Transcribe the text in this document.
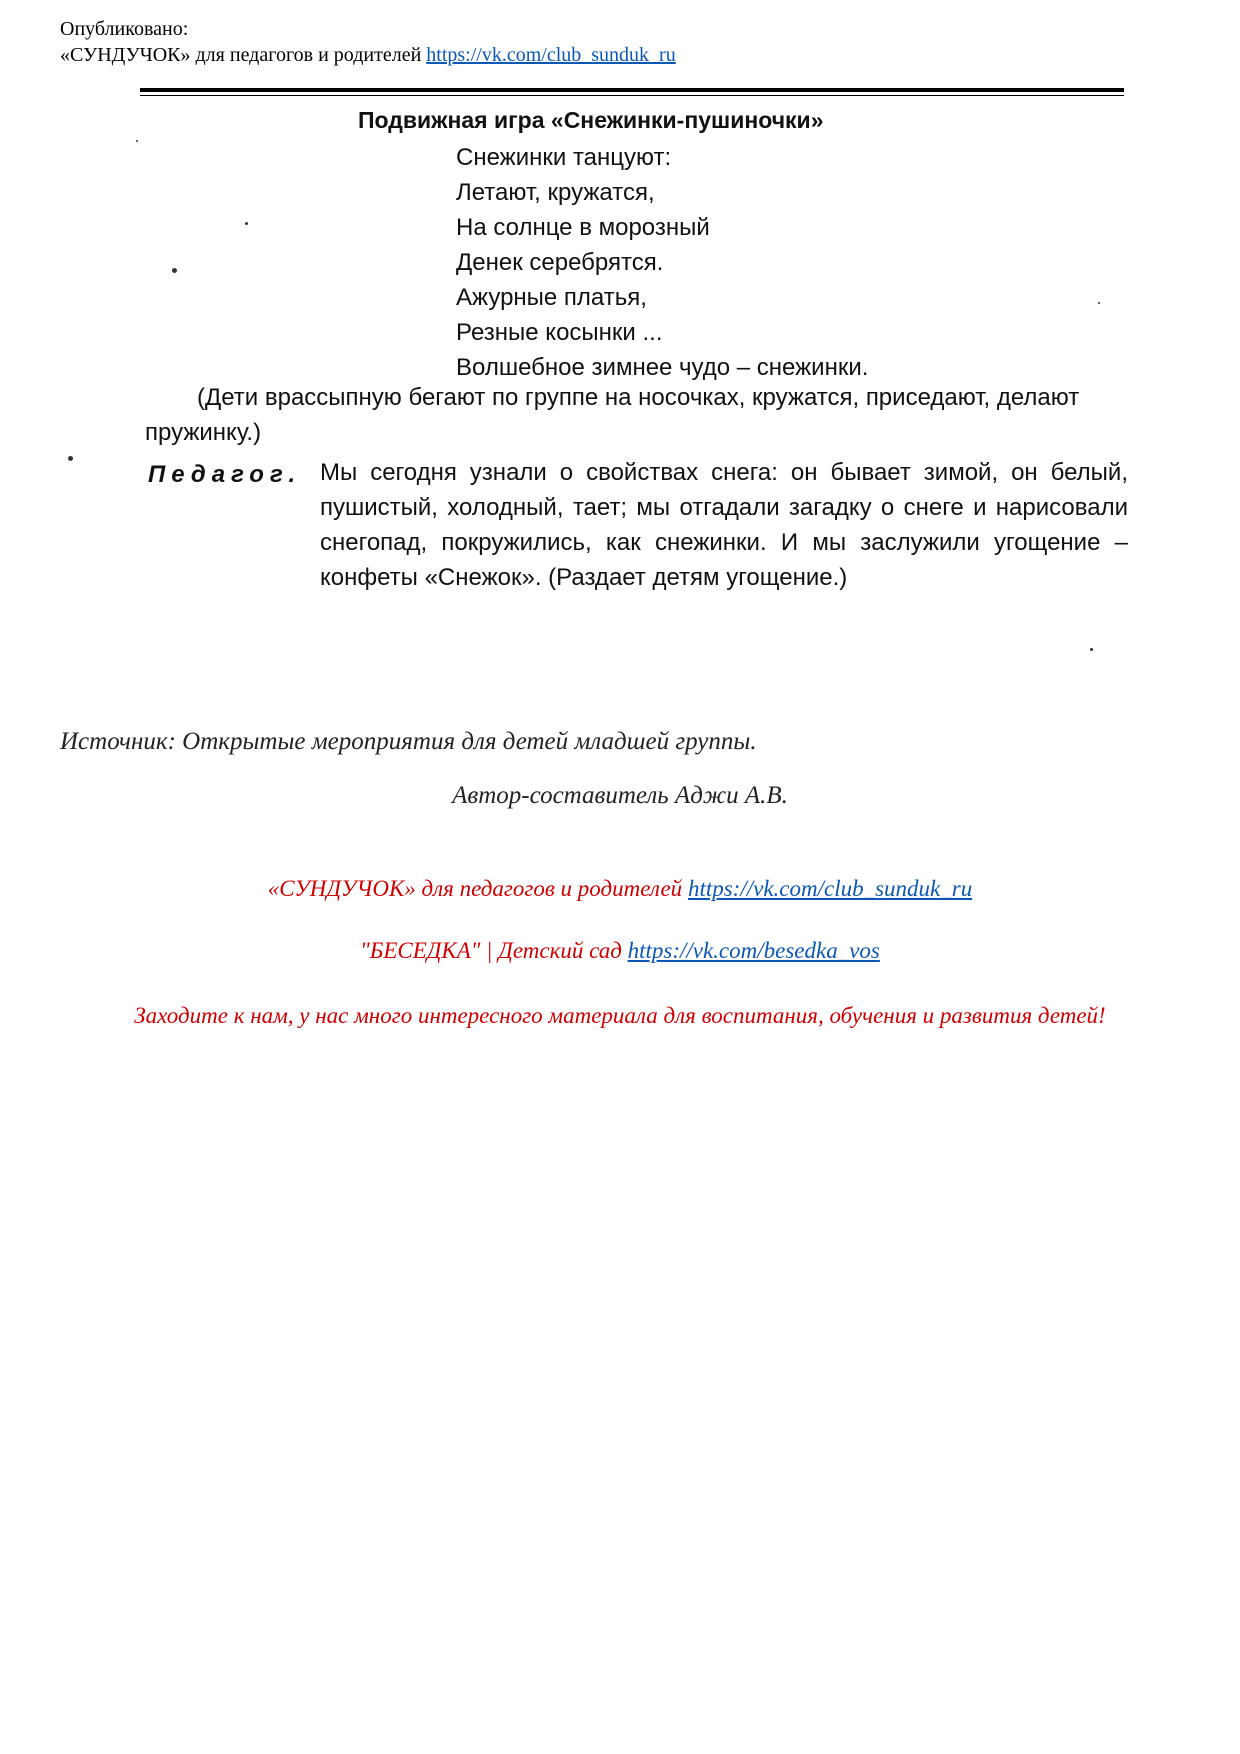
Опубликовано:
«СУНДУЧОК» для педагогов и родителей https://vk.com/club_sunduk_ru
Подвижная игра «Снежинки-пушиночки»
Снежинки танцуют:
Летают, кружатся,
На солнце в морозный
Денек серебрятся.
Ажурные платья,
Резные косынки ...
Волшебное зимнее чудо – снежинки.
(Дети врассыпную бегают по группе на носочках, кружатся, приседают, делают пружинку.)
Педагог. Мы сегодня узнали о свойствах снега: он бывает зимой, он белый, пушистый, холодный, тает; мы отгадали загадку о снеге и нарисовали снегопад, покружились, как снежинки. И мы заслужили угощение – конфеты «Снежок». (Раздает детям угощение.)
Источник: Открытые мероприятия для детей младшей группы.
Автор-составитель Аджи А.В.
«СУНДУЧОК» для педагогов и родителей https://vk.com/club_sunduk_ru
"БЕСЕДКА" | Детский сад https://vk.com/besedka_vos
Заходите к нам, у нас много интересного материала для воспитания, обучения и развития детей!
